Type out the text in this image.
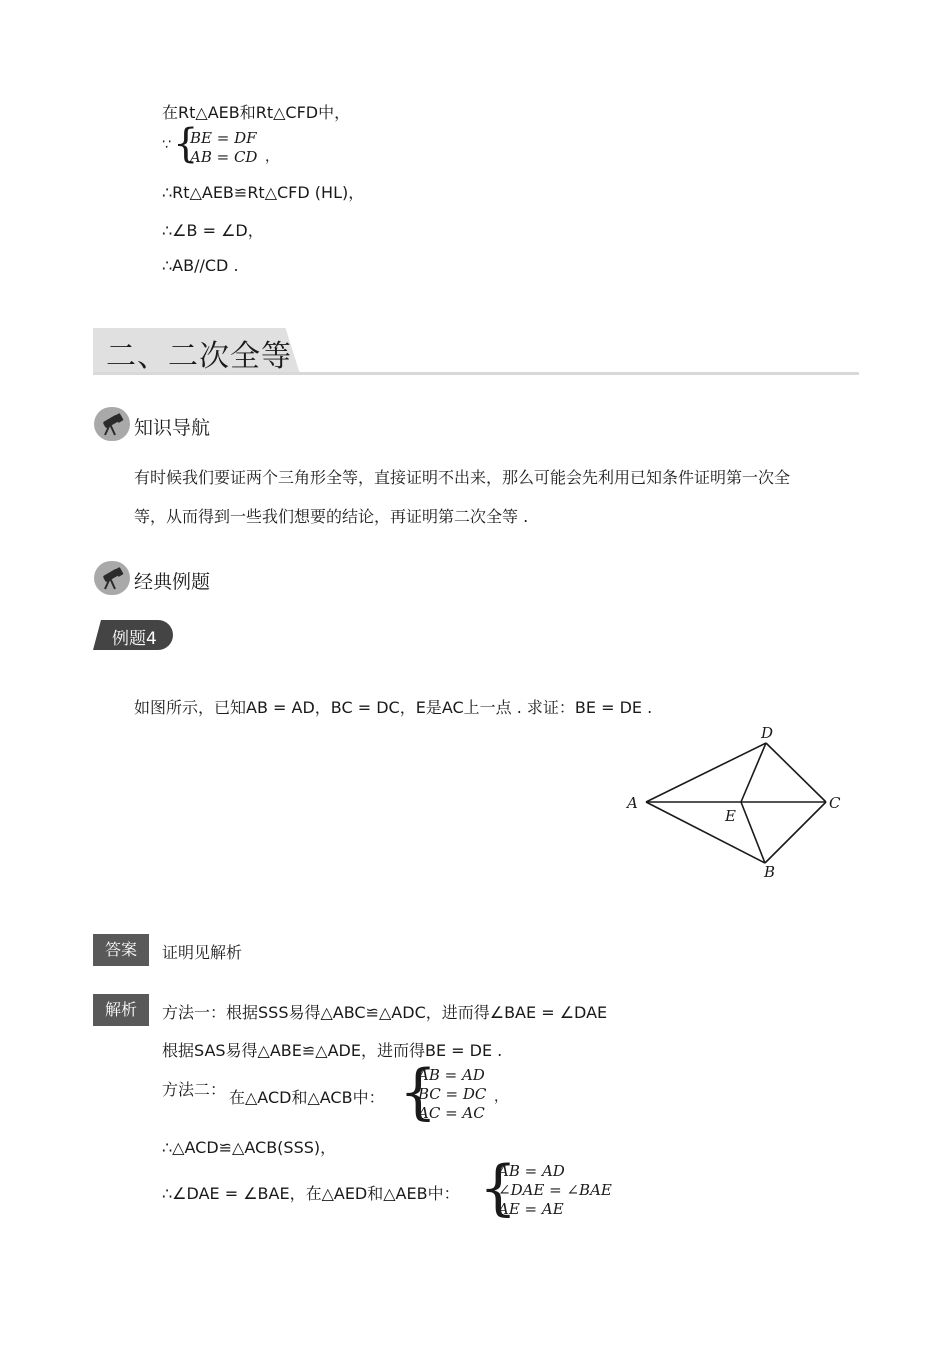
在Rt△AEB和Rt△CFD中，
∵ {
BE = DF
AB = CD ，
∴Rt△AEB≌Rt△CFD (HL)，
∴∠B = ∠D，
∴AB//CD .
二、二次全等
知识导航
有时候我们要证两个三角形全等，直接证明不出来，那么可能会先利用已知条件证明第一次全
等，从而得到一些我们想要的结论，再证明第二次全等 .
经典例题
例题4
如图所示，已知AB = AD，BC = DC，E是AC上一点 . 求证：BE = DE .
A
D
C
B
E
答案	证明见解析
解析	方法一：根据SSS易得△ABC≌△ADC，进而得∠BAE = ∠DAE
根据SAS易得△ABE≌△ADE，进而得BE = DE .
方法二： 在△ACD和△ACB中： {
AB = AD
BC = DC
AC = AC
，
∴△ACD≌△ACB(SSS)，
∴∠DAE = ∠BAE，在△AED和△AEB中： {
AB = AD
∠DAE = ∠BAE
AE = AE
